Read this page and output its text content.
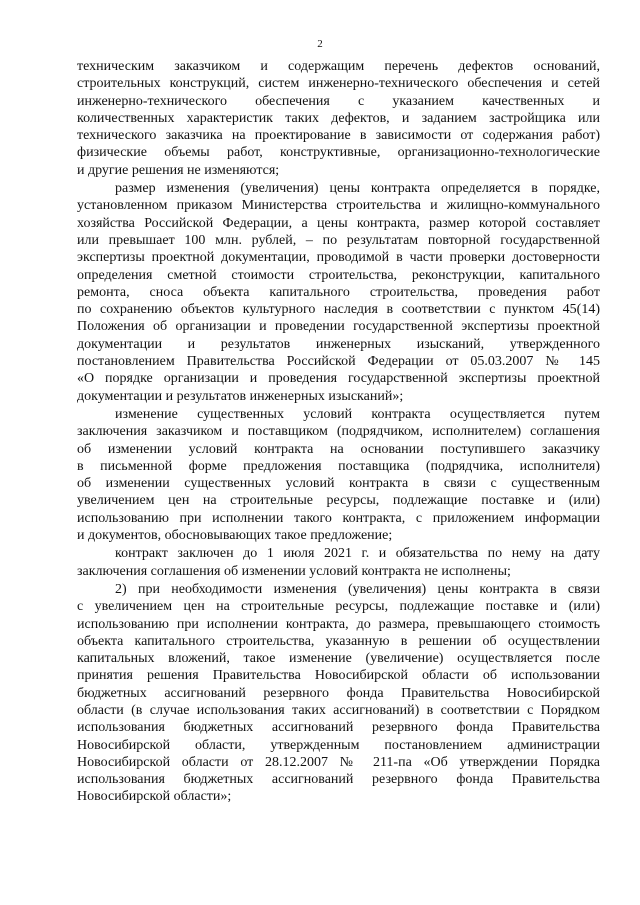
2
техническим заказчиком и содержащим перечень дефектов оснований,
строительных конструкций, систем инженерно-технического обеспечения и сетей
инженерно-технического обеспечения с указанием качественных и
количественных характеристик таких дефектов, и заданием застройщика или
технического заказчика на проектирование в зависимости от содержания работ)
физические объемы работ, конструктивные, организационно-технологические
и другие решения не изменяются;
размер изменения (увеличения) цены контракта определяется в порядке,
установленном приказом Министерства строительства и жилищно-коммунального
хозяйства Российской Федерации, а цены контракта, размер которой составляет
или превышает 100 млн. рублей, – по результатам повторной государственной
экспертизы проектной документации, проводимой в части проверки достоверности
определения сметной стоимости строительства, реконструкции, капитального
ремонта, сноса объекта капитального строительства, проведения работ
по сохранению объектов культурного наследия в соответствии с пунктом 45(14)
Положения об организации и проведении государственной экспертизы проектной
документации и результатов инженерных изысканий, утвержденного
постановлением Правительства Российской Федерации от 05.03.2007 № 145
«О порядке организации и проведения государственной экспертизы проектной
документации и результатов инженерных изысканий»;
изменение существенных условий контракта осуществляется путем
заключения заказчиком и поставщиком (подрядчиком, исполнителем) соглашения
об изменении условий контракта на основании поступившего заказчику
в письменной форме предложения поставщика (подрядчика, исполнителя)
об изменении существенных условий контракта в связи с существенным
увеличением цен на строительные ресурсы, подлежащие поставке и (или)
использованию при исполнении такого контракта, с приложением информации
и документов, обосновывающих такое предложение;
контракт заключен до 1 июля 2021 г. и обязательства по нему на дату
заключения соглашения об изменении условий контракта не исполнены;
2) при необходимости изменения (увеличения) цены контракта в связи
с увеличением цен на строительные ресурсы, подлежащие поставке и (или)
использованию при исполнении контракта, до размера, превышающего стоимость
объекта капитального строительства, указанную в решении об осуществлении
капитальных вложений, такое изменение (увеличение) осуществляется после
принятия решения Правительства Новосибирской области об использовании
бюджетных ассигнований резервного фонда Правительства Новосибирской
области (в случае использования таких ассигнований) в соответствии с Порядком
использования бюджетных ассигнований резервного фонда Правительства
Новосибирской области, утвержденным постановлением администрации
Новосибирской области от 28.12.2007 № 211-па «Об утверждении Порядка
использования бюджетных ассигнований резервного фонда Правительства
Новосибирской области»;
